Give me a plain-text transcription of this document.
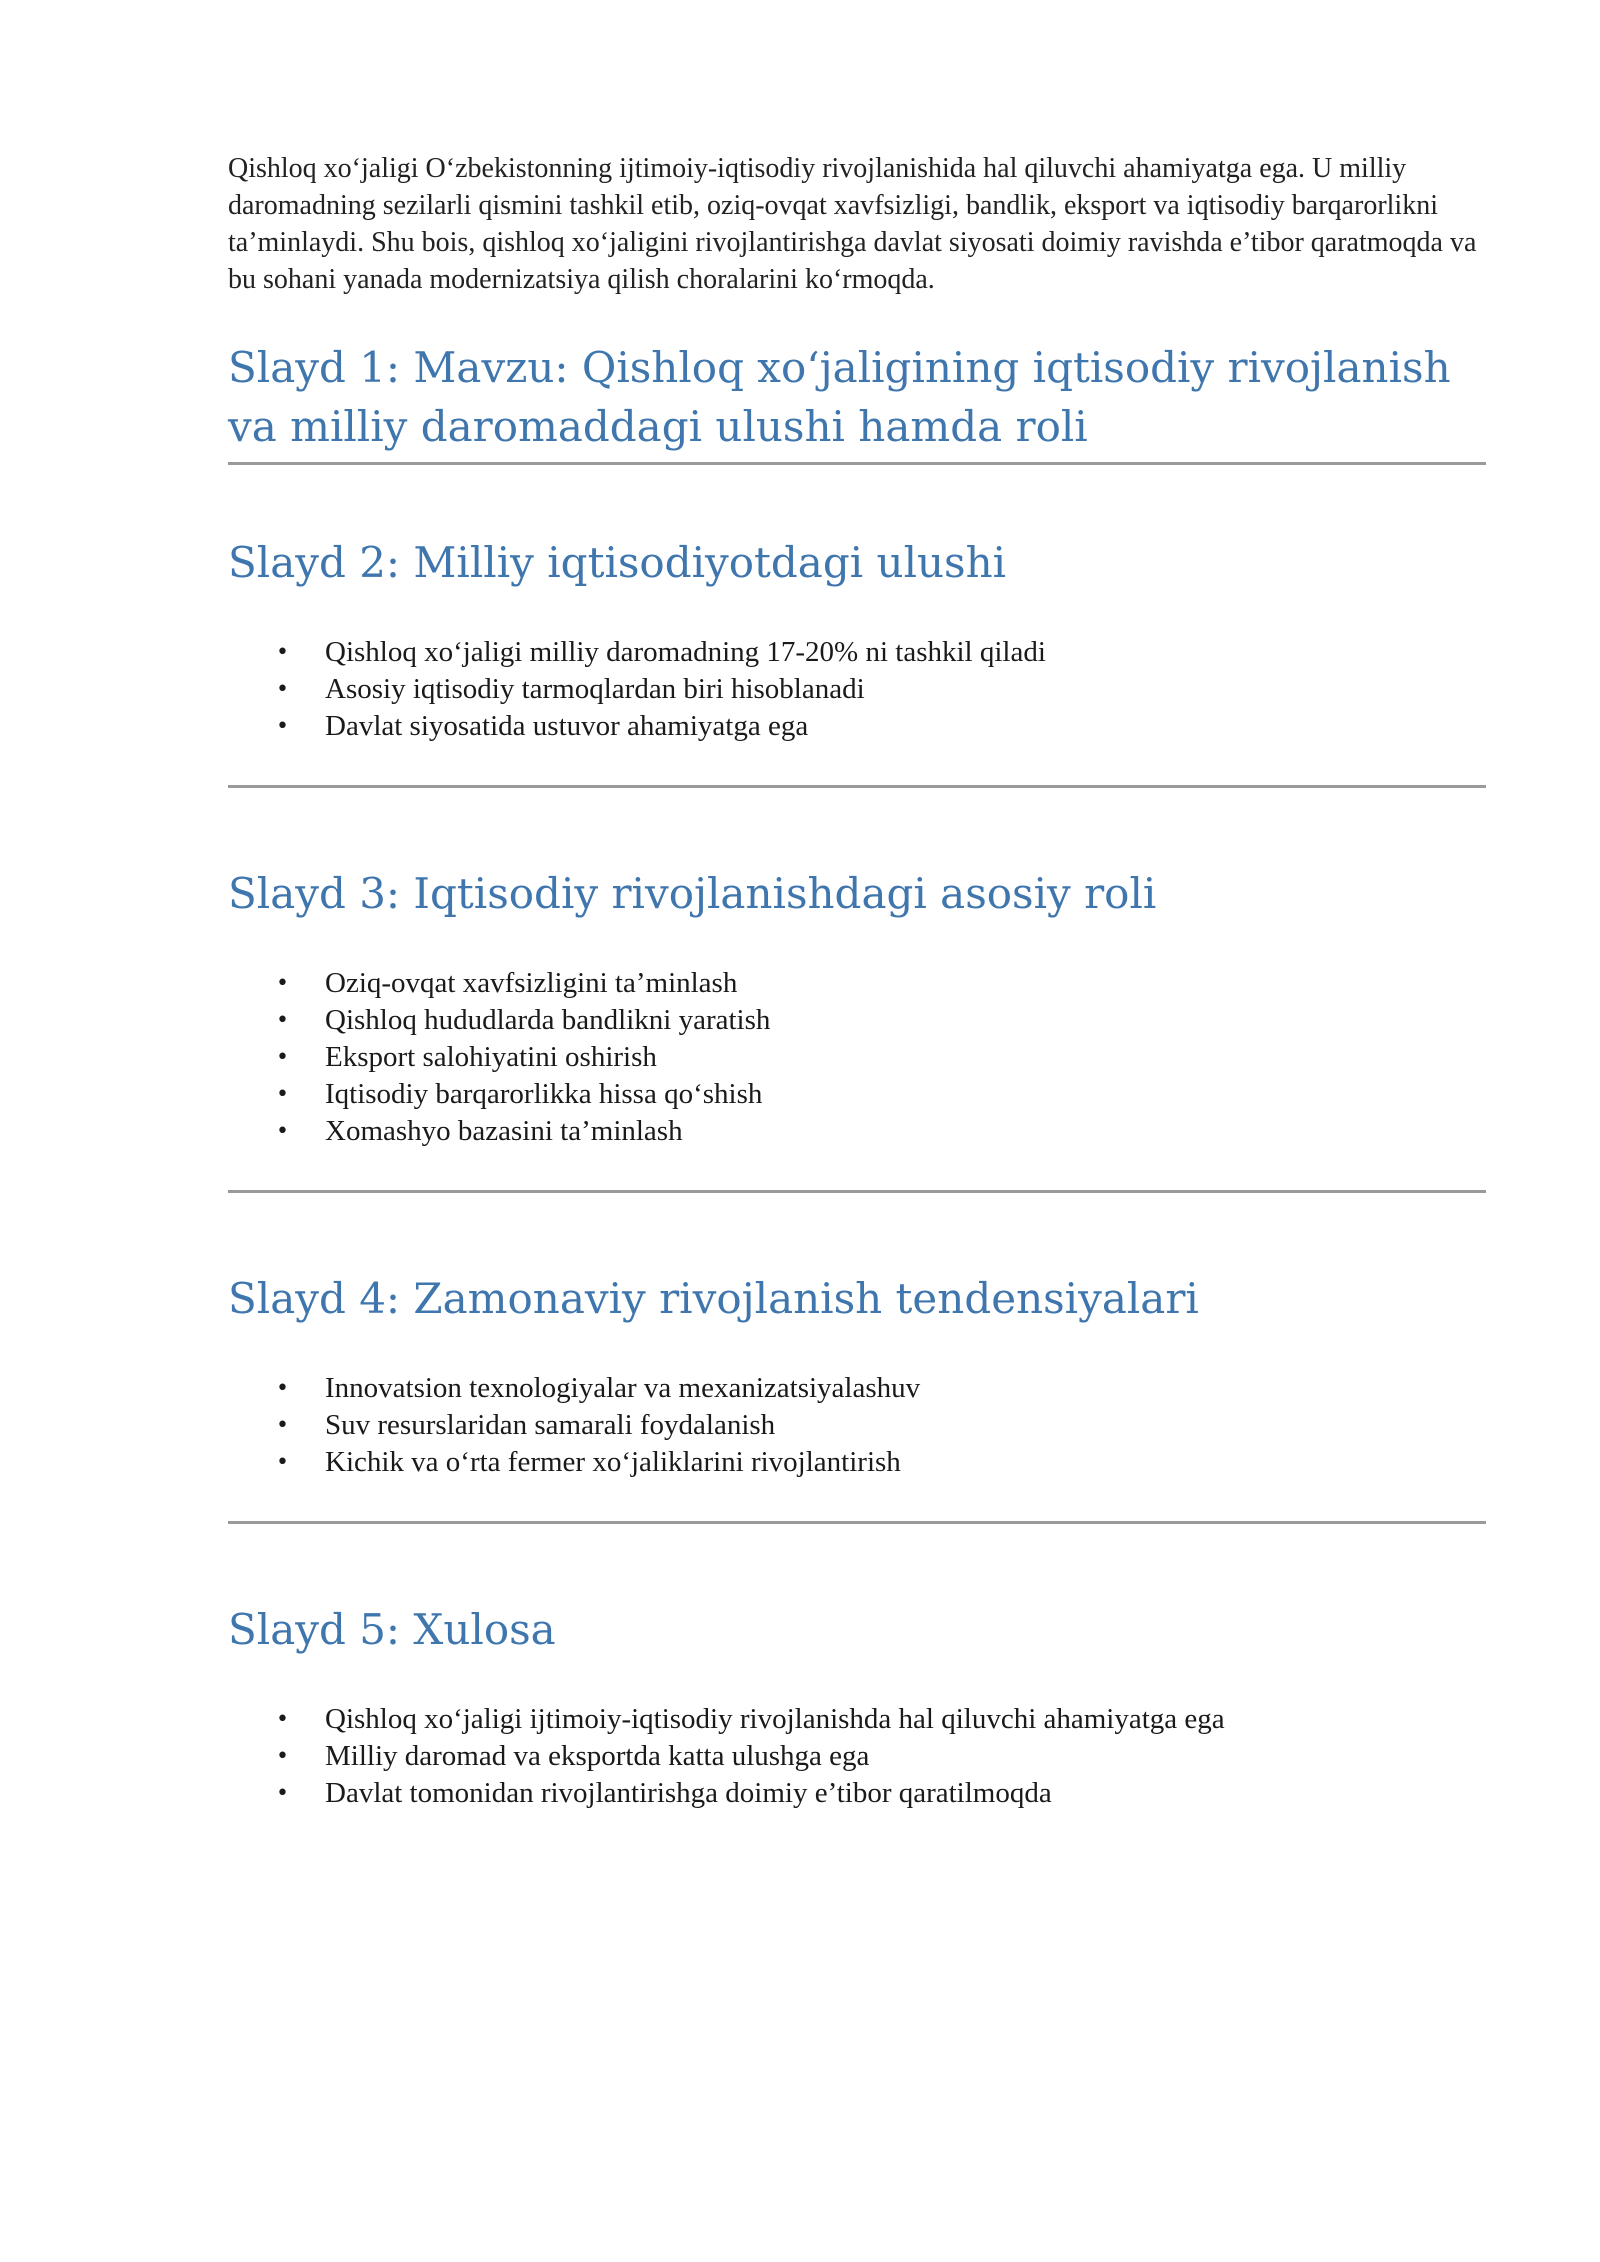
Qishloq xo‘jaligi O‘zbekistonning ijtimoiy-iqtisodiy rivojlanishida hal qiluvchi ahamiyatga ega. U milliy daromadning sezilarli qismini tashkil etib, oziq-ovqat xavfsizligi, bandlik, eksport va iqtisodiy barqarorlikni ta’minlaydi. Shu bois, qishloq xo‘jaligini rivojlantirishga davlat siyosati doimiy ravishda e’tibor qaratmoqda va bu sohani yanada modernizatsiya qilish choralarini ko‘rmoqda.

Slayd 1: Mavzu: Qishloq xoʻjaligining iqtisodiy rivojlanish va milliy daromaddagi ulushi hamda roli
Slayd 2: Milliy iqtisodiyotdagi ulushi
• Qishloq xo‘jaligi milliy daromadning 17-20% ni tashkil qiladi
• Asosiy iqtisodiy tarmoqlardan biri hisoblanadi
• Davlat siyosatida ustuvor ahamiyatga ega
Slayd 3: Iqtisodiy rivojlanishdagi asosiy roli
• Oziq-ovqat xavfsizligini ta’minlash
• Qishloq hududlarda bandlikni yaratish
• Eksport salohiyatini oshirish
• Iqtisodiy barqarorlikka hissa qo‘shish
• Xomashyo bazasini ta’minlash
Slayd 4: Zamonaviy rivojlanish tendensiyalari
• Innovatsion texnologiyalar va mexanizatsiyalashuv
• Suv resurslaridan samarali foydalanish
• Kichik va o‘rta fermer xo‘jaliklarini rivojlantirish
Slayd 5: Xulosa
• Qishloq xo‘jaligi ijtimoiy-iqtisodiy rivojlanishda hal qiluvchi ahamiyatga ega
• Milliy daromad va eksportda katta ulushga ega
• Davlat tomonidan rivojlantirishga doimiy e’tibor qaratilmoqda
